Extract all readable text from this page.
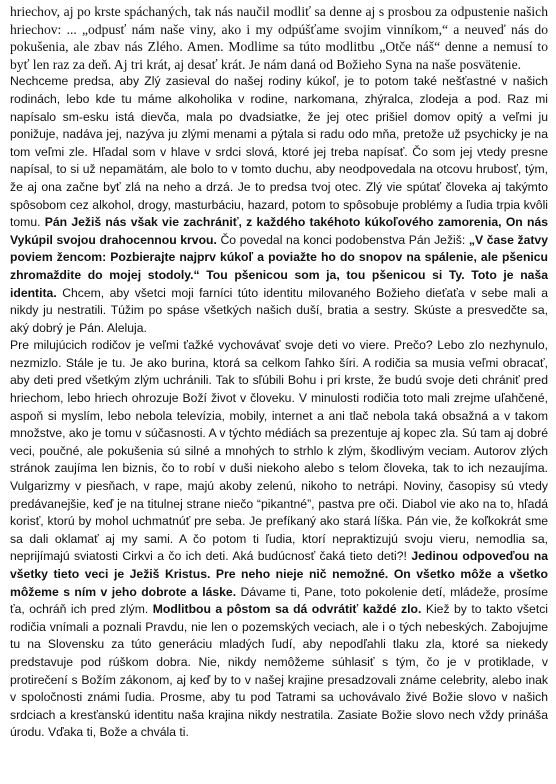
hriechov, aj po krste spáchaných, tak nás naučil modliť sa denne aj s prosbou za odpustenie našich hriechov: ... „odpusť nám naše viny, ako i my odpúšťame svojim vinníkom,“ a neuveď nás do pokušenia, ale zbav nás Zlého. Amen. Modlime sa túto modlitbu „Otče náš“ denne a nemusí to byť len raz za deň. Aj tri krát, aj desať krát. Je nám daná od Božieho Syna na naše posvätenie.

Nechceme predsa, aby Zlý zasieval do našej rodiny kúkoľ, je to potom také nešťastné v našich rodinách, lebo kde tu máme alkoholika v rodine, narkomana, zhýralca, zlodeja a pod. Raz mi napísalo sm-esku istá dievča, mala po dvadsiatke, že jej otec prišiel domov opitý a veľmi ju ponižuje, nadáva jej, nazýva ju zlými menami a pýtala si radu odo mňa, pretože už psychicky je na tom veľmi zle. Hľadal som v hlave v srdci slová, ktoré jej treba napísať. Čo som jej vtedy presne napísal, to si už nepamätám, ale bolo to v tomto duchu, aby neodpovedala na otcovu hrubosť, tým, že aj ona začne byť zlá na neho a drzá. Je to predsa tvoj otec. Zlý vie spútať človeka aj takýmto spôsobom cez alkohol, drogy, masturbáciu, hazard, potom to spôsobuje problémy a ľudia trpia kvôli tomu. Pán Ježiš nás však vie zachrániť, z každého takéhoto kúkoľového zamorenia, On nás Vykúpil svojou drahocennou krvou. Čo povedal na konci podobenstva Pán Ježiš: „V čase žatvy poviem žencom: Pozbierajte najprv kúkoľ a poviažte ho do snopov na spálenie, ale pšenicu zhromaždite do mojej stodoly.“ Tou pšenicou som ja, tou pšenicou si Ty. Toto je naša identita. Chcem, aby všetci moji farníci túto identitu milovaného Božieho dieťaťa v sebe mali a nikdy ju nestratili. Túžim po spáse všetkých našich duší, bratia a sestry. Skúste a presvedčte sa, aký dobrý je Pán. Aleluja.

Pre milujúcich rodičov je veľmi ťažké vychovávať svoje deti vo viere. Prečo? Lebo zlo nezhynulo, nezmizlo. Stále je tu. Je ako burina, ktorá sa celkom ľahko šíri. A rodičia sa musia veľmi obracať, aby deti pred všetkým zlým uchránili. Tak to sľúbili Bohu i pri krste, že budú svoje deti chrániť pred hriechom, lebo hriech ohrozuje Boží život v človeku. V minulosti rodičia toto mali zrejme uľahčené, aspoň si myslím, lebo nebola televízia, mobily, internet a ani tlač nebola taká obsažná a v takom množstve, ako je tomu v súčasnosti. A v týchto médiách sa prezentuje aj kopec zla. Sú tam aj dobré veci, poučné, ale pokušenia sú silné a mnohých to strhlo k zlým, škodlivým veciam. Autorov zlých stránok zaujíma len biznis, čo to robí v duši niekoho alebo s telom človeka, tak to ich nezaujíma. Vulgarizmy v piesňach, v rape, majú akoby zelenú, nikoho to netrápi. Noviny, časopisy sú vtedy predávanejšie, keď je na titulnej strane niečo “pikantné”, pastva pre oči. Diabol vie ako na to, hľadá korisť, ktorú by mohol uchmatnúť pre seba. Je prefíkaný ako stará líška. Pán vie, že koľkokrát sme sa dali oklamať aj my sami. A čo potom ti ľudia, ktorí nepraktizujú svoju vieru, nemodlia sa, neprijímajú sviatosti Cirkvi a čo ich deti. Aká budúcnosť čaká tieto deti?! Jedinou odpoveďou na všetky tieto veci je Ježiš Kristus. Pre neho nieje nič nemožné. On všetko môže a všetko môžeme s ním v jeho dobrote a láske. Dávame ti, Pane, toto pokolenie detí, mládeže, prosíme ťa, ochráň ich pred zlým. Modlitbou a pôstom sa dá odvrátiť každé zlo. Kiež by to takto všetci rodičia vnímali a poznali Pravdu, nie len o pozemských veciach, ale i o tých nebeských. Zabojujme tu na Slovensku za túto generáciu mladých ľudí, aby nepodľahli tlaku zla, ktoré sa niekedy predstavuje pod rúškom dobra. Nie, nikdy nemôžeme súhlasiť s tým, čo je v protiklade, v protirečení s Božím zákonom, aj keď by to v našej krajine presadzovali známe celebrity, alebo inak v spoločnosti známi ľudia. Prosme, aby tu pod Tatrami sa uchovávalo živé Božie slovo v našich srdciach a kresťanskú identitu naša krajina nikdy nestratila. Zasiate Božie slovo nech vždy prináša úrodu. Vďaka ti, Bože a chvála ti.
